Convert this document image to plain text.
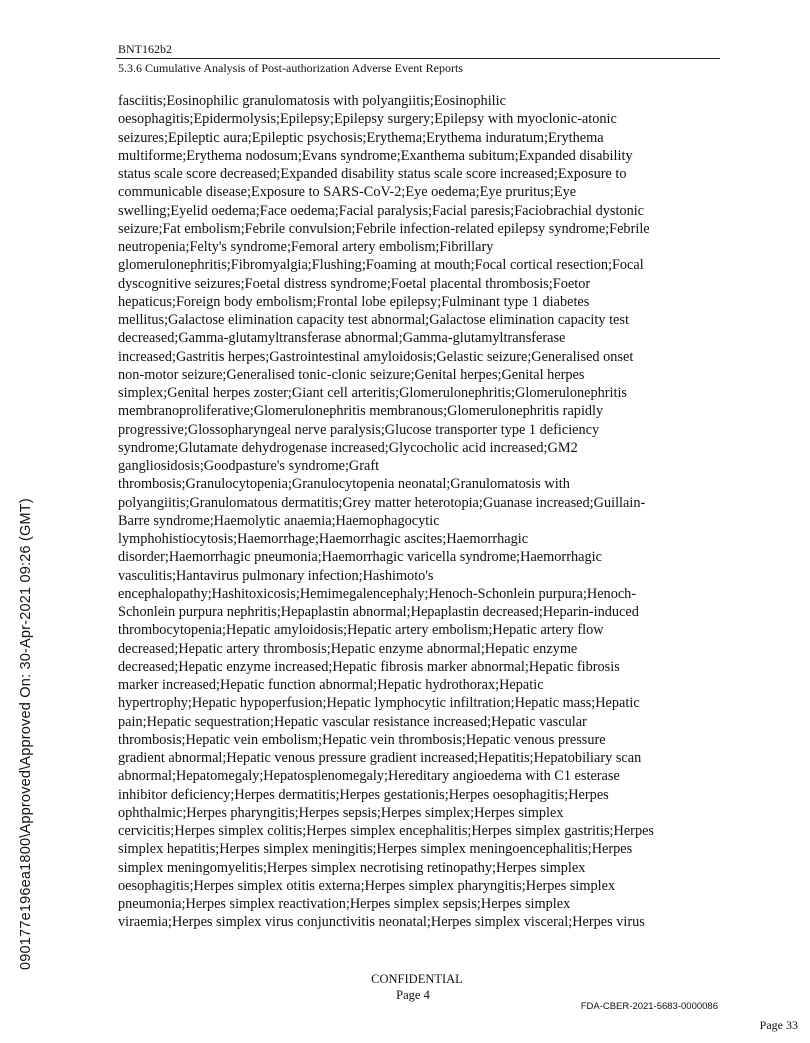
BNT162b2
5.3.6 Cumulative Analysis of Post-authorization Adverse Event Reports
fasciitis;Eosinophilic granulomatosis with polyangiitis;Eosinophilic
oesophagitis;Epidermolysis;Epilepsy;Epilepsy surgery;Epilepsy with myoclonic-atonic
seizures;Epileptic aura;Epileptic psychosis;Erythema;Erythema induratum;Erythema
multiforme;Erythema nodosum;Evans syndrome;Exanthema subitum;Expanded disability
status scale score decreased;Expanded disability status scale score increased;Exposure to
communicable disease;Exposure to SARS-CoV-2;Eye oedema;Eye pruritus;Eye
swelling;Eyelid oedema;Face oedema;Facial paralysis;Facial paresis;Faciobrachial dystonic
seizure;Fat embolism;Febrile convulsion;Febrile infection-related epilepsy syndrome;Febrile
neutropenia;Felty's syndrome;Femoral artery embolism;Fibrillary
glomerulonephritis;Fibromyalgia;Flushing;Foaming at mouth;Focal cortical resection;Focal
dyscognitive seizures;Foetal distress syndrome;Foetal placental thrombosis;Foetor
hepaticus;Foreign body embolism;Frontal lobe epilepsy;Fulminant type 1 diabetes
mellitus;Galactose elimination capacity test abnormal;Galactose elimination capacity test
decreased;Gamma-glutamyltransferase abnormal;Gamma-glutamyltransferase
increased;Gastritis herpes;Gastrointestinal amyloidosis;Gelastic seizure;Generalised onset
non-motor seizure;Generalised tonic-clonic seizure;Genital herpes;Genital herpes
simplex;Genital herpes zoster;Giant cell arteritis;Glomerulonephritis;Glomerulonephritis
membranoproliferative;Glomerulonephritis membranous;Glomerulonephritis rapidly
progressive;Glossopharyngeal nerve paralysis;Glucose transporter type 1 deficiency
syndrome;Glutamate dehydrogenase increased;Glycocholic acid increased;GM2
gangliosidosis;Goodpasture's syndrome;Graft
thrombosis;Granulocytopenia;Granulocytopenia neonatal;Granulomatosis with
polyangiitis;Granulomatous dermatitis;Grey matter heterotopia;Guanase increased;Guillain-
Barre syndrome;Haemolytic anaemia;Haemophagocytic
lymphohistiocytosis;Haemorrhage;Haemorrhagic ascites;Haemorrhagic
disorder;Haemorrhagic pneumonia;Haemorrhagic varicella syndrome;Haemorrhagic
vasculitis;Hantavirus pulmonary infection;Hashimoto's
encephalopathy;Hashitoxicosis;Hemimegalencephaly;Henoch-Schonlein purpura;Henoch-
Schonlein purpura nephritis;Hepaplastin abnormal;Hepaplastin decreased;Heparin-induced
thrombocytopenia;Hepatic amyloidosis;Hepatic artery embolism;Hepatic artery flow
decreased;Hepatic artery thrombosis;Hepatic enzyme abnormal;Hepatic enzyme
decreased;Hepatic enzyme increased;Hepatic fibrosis marker abnormal;Hepatic fibrosis
marker increased;Hepatic function abnormal;Hepatic hydrothorax;Hepatic
hypertrophy;Hepatic hypoperfusion;Hepatic lymphocytic infiltration;Hepatic mass;Hepatic
pain;Hepatic sequestration;Hepatic vascular resistance increased;Hepatic vascular
thrombosis;Hepatic vein embolism;Hepatic vein thrombosis;Hepatic venous pressure
gradient abnormal;Hepatic venous pressure gradient increased;Hepatitis;Hepatobiliary scan
abnormal;Hepatomegaly;Hepatosplenomegaly;Hereditary angioedema with C1 esterase
inhibitor deficiency;Herpes dermatitis;Herpes gestationis;Herpes oesophagitis;Herpes
ophthalmic;Herpes pharyngitis;Herpes sepsis;Herpes simplex;Herpes simplex
cervicitis;Herpes simplex colitis;Herpes simplex encephalitis;Herpes simplex gastritis;Herpes
simplex hepatitis;Herpes simplex meningitis;Herpes simplex meningoencephalitis;Herpes
simplex meningomyelitis;Herpes simplex necrotising retinopathy;Herpes simplex
oesophagitis;Herpes simplex otitis externa;Herpes simplex pharyngitis;Herpes simplex
pneumonia;Herpes simplex reactivation;Herpes simplex sepsis;Herpes simplex
viraemia;Herpes simplex virus conjunctivitis neonatal;Herpes simplex visceral;Herpes virus
090177e196ea1800\Approved\Approved On: 30-Apr-2021 09:26 (GMT)
CONFIDENTIAL
Page 4
FDA-CBER-2021-5683-0000086
Page 33
